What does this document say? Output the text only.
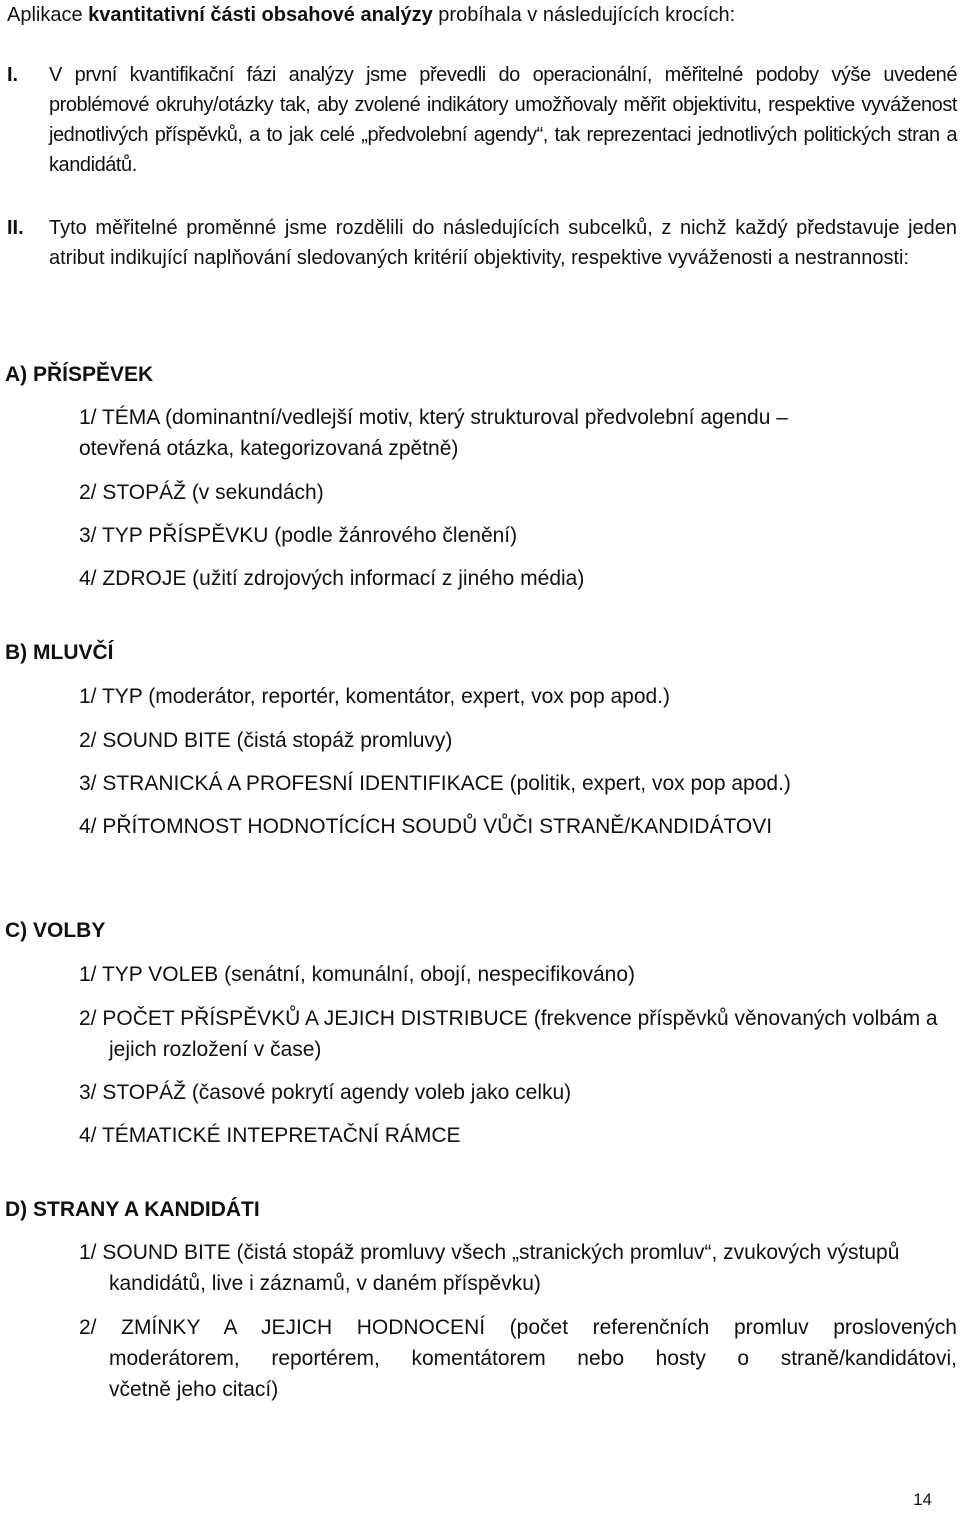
Aplikace kvantitativní části obsahové analýzy probíhala v následujících krocích:
I. V první kvantifikační fázi analýzy jsme převedli do operacionální, měřitelné podoby výše uvedené problémové okruhy/otázky tak, aby zvolené indikátory umožňovaly měřit objektivitu, respektive vyváženost jednotlivých příspěvků, a to jak celé „předvolební agendy“, tak reprezentaci jednotlivých politických stran a kandidátů.
II. Tyto měřitelné proměnné jsme rozdělili do následujících subcelků, z nichž každý představuje jeden atribut indikující naplňování sledovaných kritérií objektivity, respektive vyváženosti a nestrannosti:
A) PŘÍSPĚVEK
1/ TÉMA (dominantní/vedlejší motiv, který strukturoval předvolební agendu –
otevřená otázka, kategorizovaná zpětně)
2/ STOPÁŽ (v sekundách)
3/ TYP PŘÍSPĚVKU (podle žánrového členění)
4/ ZDROJE (užití zdrojových informací z jiného média)
B) MLUVČÍ
1/ TYP (moderátor, reportér, komentátor, expert, vox pop apod.)
2/ SOUND BITE (čistá stopáž promluvy)
3/ STRANICKÁ A PROFESNÍ IDENTIFIKACE (politik, expert, vox pop apod.)
4/ PŘÍTOMNOST HODNOTÍCÍCH SOUDŮ VŮČI STRANĚ/KANDIDÁTOVI
C) VOLBY
1/ TYP VOLEB (senátní, komunální, obojí, nespecifikováno)
2/ POČET PŘÍSPĚVKŮ A JEJICH DISTRIBUCE (frekvence příspěvků věnovaných volbám a
jejich rozložení v čase)
3/ STOPÁŽ (časové pokrytí agendy voleb jako celku)
4/ TÉMATICKÉ INTEPRETAČNÍ RÁMCE
D) STRANY A KANDIDÁTI
1/ SOUND BITE (čistá stopáž promluvy všech „stranických promluv“, zvukových výstupů
kandidátů, live i záznamů, v daném příspěvku)
2/ ZMÍNKY A JEJICH HODNOCENÍ (počet referenčních promluv proslovených
moderátorem, reportérem, komentátorem nebo hosty o straně/kandidátovi,
včetně jeho citací)
14
